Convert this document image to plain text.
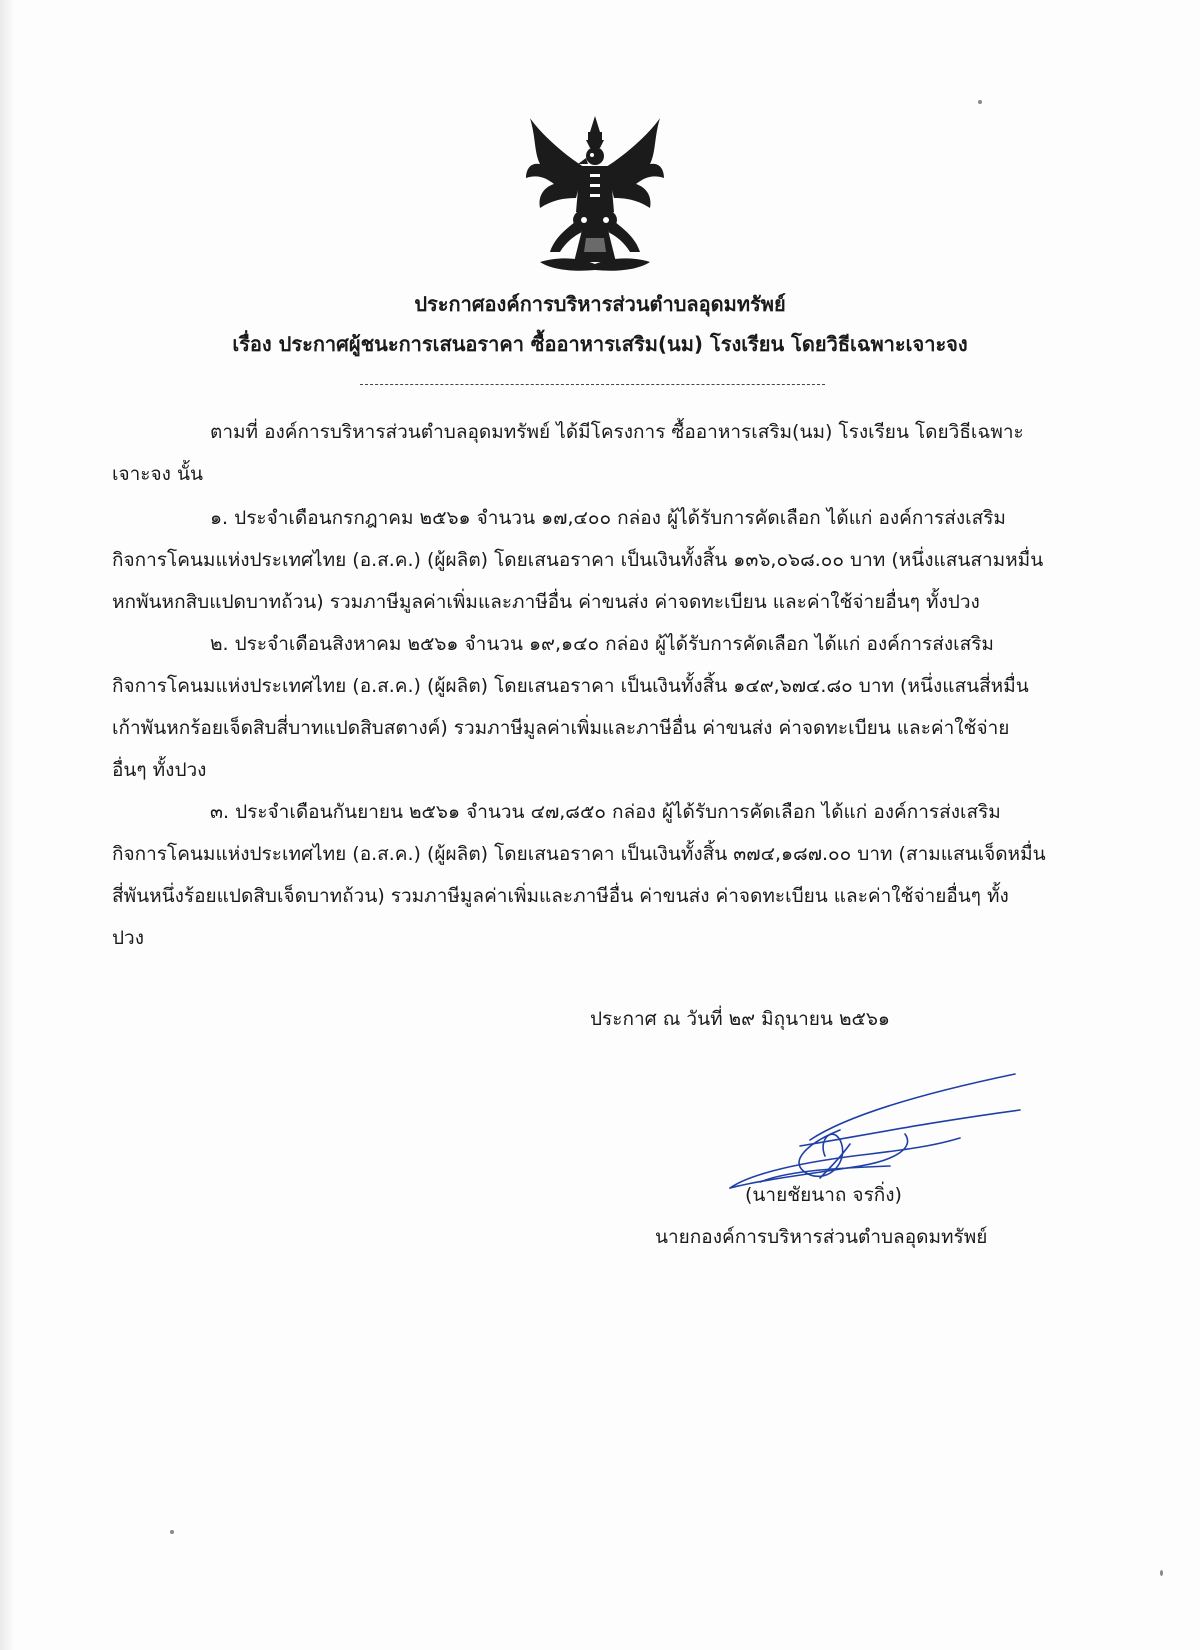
ประกาศองค์การบริหารส่วนตำบลอุดมทรัพย์
เรื่อง ประกาศผู้ชนะการเสนอราคา ซื้ออาหารเสริม(นม) โรงเรียน โดยวิธีเฉพาะเจาะจง
ตามที่ องค์การบริหารส่วนตำบลอุดมทรัพย์ ได้มีโครงการ ซื้ออาหารเสริม(นม) โรงเรียน โดยวิธีเฉพาะ
เจาะจง นั้น
๑. ประจำเดือนกรกฎาคม ๒๕๖๑ จำนวน ๑๗,๔๐๐ กล่อง ผู้ได้รับการคัดเลือก ได้แก่ องค์การส่งเสริม
กิจการโคนมแห่งประเทศไทย (อ.ส.ค.) (ผู้ผลิต) โดยเสนอราคา เป็นเงินทั้งสิ้น ๑๓๖,๐๖๘.๐๐ บาท (หนึ่งแสนสามหมื่น
หกพันหกสิบแปดบาทถ้วน) รวมภาษีมูลค่าเพิ่มและภาษีอื่น ค่าขนส่ง ค่าจดทะเบียน และค่าใช้จ่ายอื่นๆ ทั้งปวง
๒. ประจำเดือนสิงหาคม ๒๕๖๑ จำนวน ๑๙,๑๔๐ กล่อง ผู้ได้รับการคัดเลือก ได้แก่ องค์การส่งเสริม
กิจการโคนมแห่งประเทศไทย (อ.ส.ค.) (ผู้ผลิต) โดยเสนอราคา เป็นเงินทั้งสิ้น ๑๔๙,๖๗๔.๘๐ บาท (หนึ่งแสนสี่หมื่น
เก้าพันหกร้อยเจ็ดสิบสี่บาทแปดสิบสตางค์) รวมภาษีมูลค่าเพิ่มและภาษีอื่น ค่าขนส่ง ค่าจดทะเบียน และค่าใช้จ่าย
อื่นๆ ทั้งปวง
๓. ประจำเดือนกันยายน ๒๕๖๑ จำนวน ๔๗,๘๕๐ กล่อง ผู้ได้รับการคัดเลือก ได้แก่ องค์การส่งเสริม
กิจการโคนมแห่งประเทศไทย (อ.ส.ค.) (ผู้ผลิต) โดยเสนอราคา เป็นเงินทั้งสิ้น ๓๗๔,๑๘๗.๐๐ บาท (สามแสนเจ็ดหมื่น
สี่พันหนึ่งร้อยแปดสิบเจ็ดบาทถ้วน) รวมภาษีมูลค่าเพิ่มและภาษีอื่น ค่าขนส่ง ค่าจดทะเบียน และค่าใช้จ่ายอื่นๆ ทั้ง
ปวง
ประกาศ ณ วันที่ ๒๙ มิถุนายน ๒๕๖๑
(นายชัยนาถ จรกิ่ง)
นายกองค์การบริหารส่วนตำบลอุดมทรัพย์
